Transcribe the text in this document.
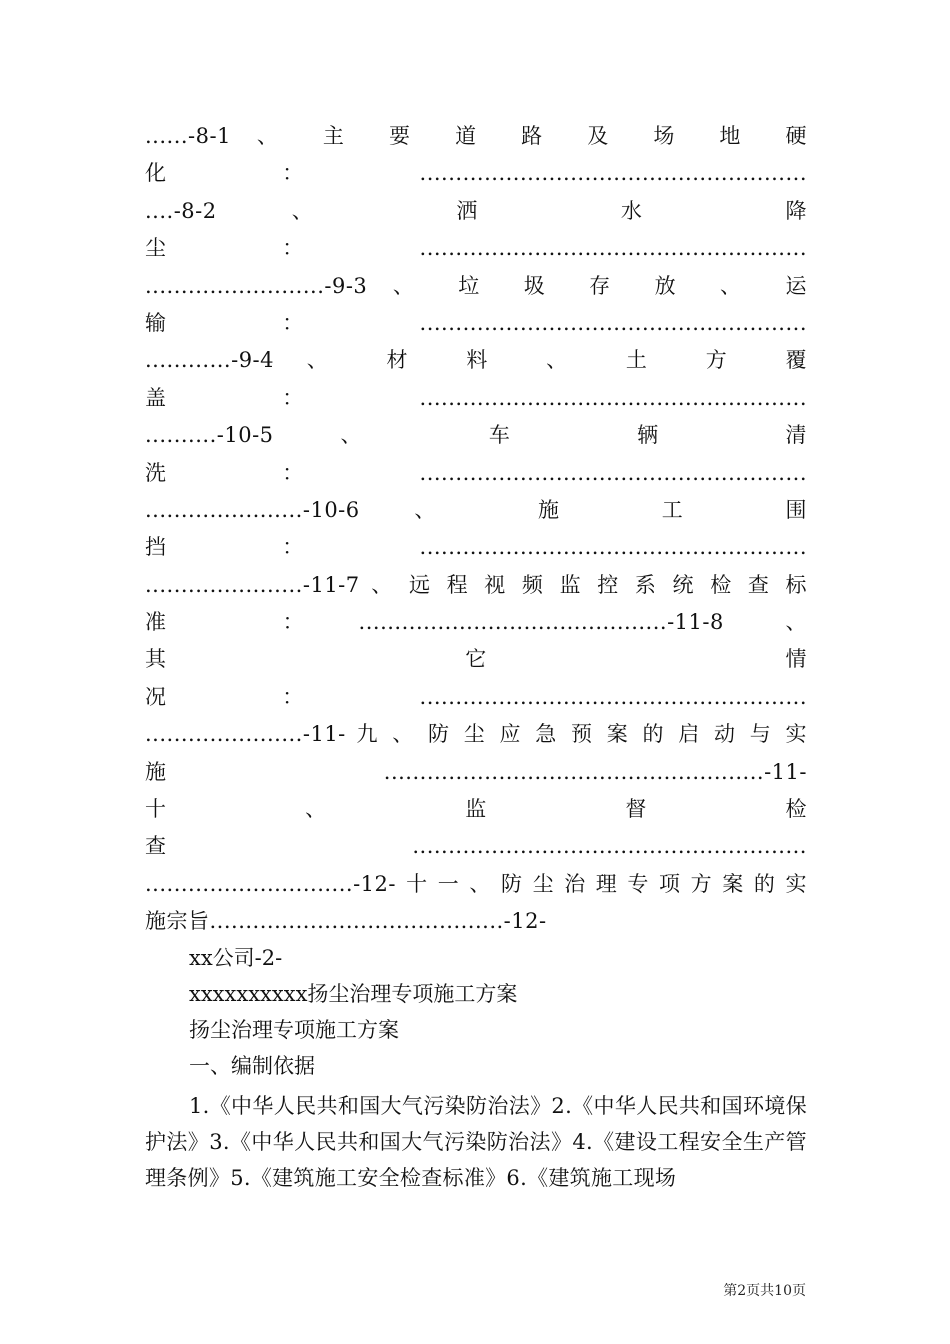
......-8-1 、 主 要 道 路 及 场 地 硬
化：......................................................
....-8-2 、 洒 水 降
尘：......................................................
.........................-9-3 、 垃 圾 存 放 、 运
输：......................................................
............-9-4 、 材 料 、 土 方 覆
盖：......................................................
..........-10-5 、 车 辆 清
洗：......................................................
......................-10-6 、 施 工 围
挡：......................................................
......................-11-7 、 远 程 视 频 监 控 系 统 检 查 标
准 ：...........................................-11-8 、
其 它 情
况：......................................................
......................-11- 九 、 防 尘 应 急 预 案 的 启 动 与 实
施.....................................................-11-
十 、 监 督 检
查.......................................................
.............................-12-十一、防尘治理专项方案的实
施宗旨.........................................-12-
xx公司-2-
xxxxxxxxxx扬尘治理专项施工方案
扬尘治理专项施工方案
一、编制依据
1.《中华人民共和国大气污染防治法》2.《中华人民共和国环境保护法》3.《中华人民共和国大气污染防治法》4.《建设工程安全生产管理条例》5.《建筑施工安全检查标准》6.《建筑施工现场
第2页共10页
